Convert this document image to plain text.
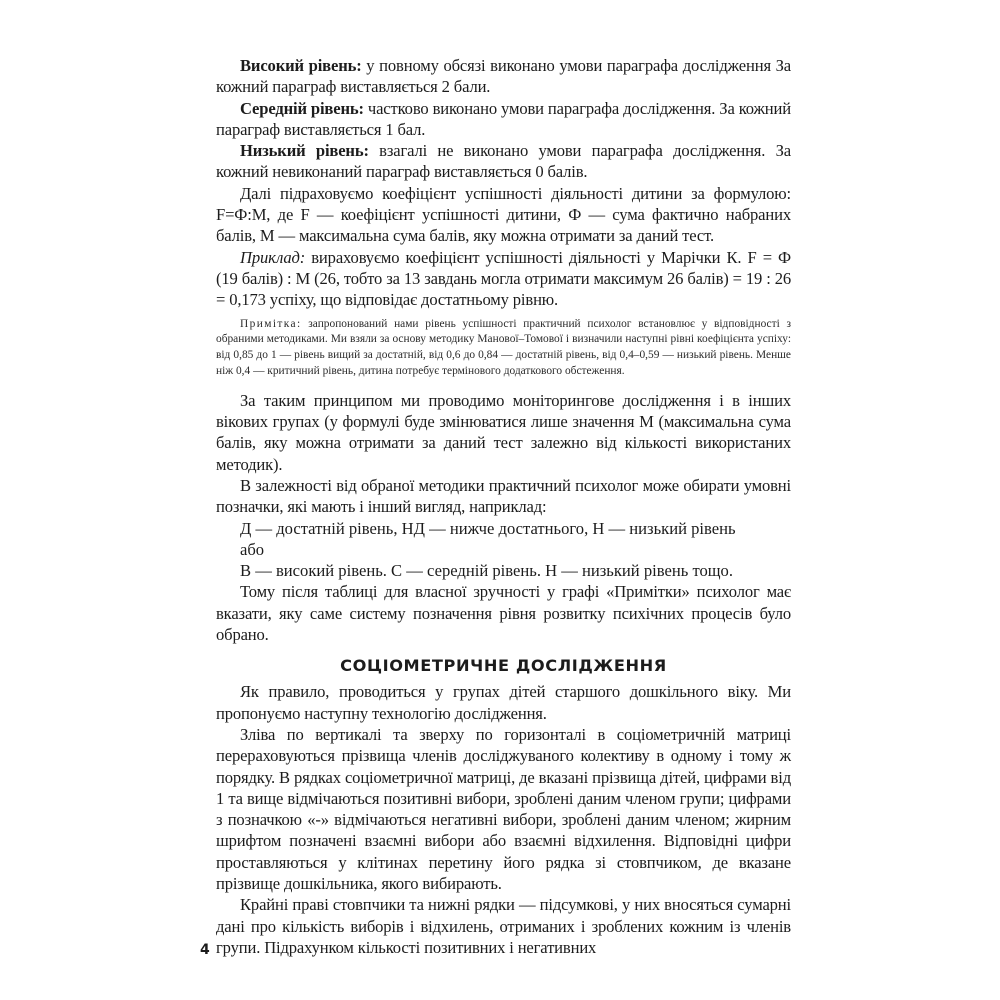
Високий рівень: у повному обсязі виконано умови параграфа дослідження За кожний параграф виставляється 2 бали.

Середній рівень: частково виконано умови параграфа дослідження. За кожний параграф виставляється 1 бал.

Низький рівень: взагалі не виконано умови параграфа дослідження. За кожний невиконаний параграф виставляється 0 балів.

Далі підраховуємо коефіцієнт успішності діяльності дитини за формулою: F=Ф:М, де F — коефіцієнт успішності дитини, Ф — сума фактично набраних балів, М — максимальна сума балів, яку можна отримати за даний тест.

Приклад: вираховуємо коефіцієнт успішності діяльності у Марічки К. F = Ф (19 балів) : М (26, тобто за 13 завдань могла отримати максимум 26 балів) = 19 : 26 = 0,173 успіху, що відповідає достатньому рівню.

Примітка: запропонований нами рівень успішності практичний психолог встановлює у відповідності з обраними методиками. Ми взяли за основу методику Манової–Томової і визначили наступні рівні коефіцієнта успіху: від 0,85 до 1 — рівень вищий за достатній, від 0,6 до 0,84 — достатній рівень, від 0,4–0,59 — низький рівень. Менше ніж 0,4 — критичний рівень, дитина потребує термінового додаткового обстеження.

За таким принципом ми проводимо моніторингове дослідження і в інших вікових групах (у формулі буде змінюватися лише значення М (максимальна сума балів, яку можна отримати за даний тест залежно від кількості використаних методик).

В залежності від обраної методики практичний психолог може обирати умовні позначки, які мають і інший вигляд, наприклад:

Д — достатній рівень, НД — нижче достатнього, Н — низький рівень

або

В — високий рівень. С — середній рівень. Н — низький рівень тощо.

Тому після таблиці для власної зручності у графі «Примітки» психолог має вказати, яку саме систему позначення рівня розвитку психічних процесів було обрано.

СОЦІОМЕТРИЧНЕ ДОСЛІДЖЕННЯ

Як правило, проводиться у групах дітей старшого дошкільного віку. Ми пропонуємо наступну технологію дослідження.

Зліва по вертикалі та зверху по горизонталі в соціометричній матриці перераховуються прізвища членів досліджуваного колективу в одному і тому ж порядку. В рядках соціометричної матриці, де вказані прізвища дітей, цифрами від 1 та вище відмічаються позитивні вибори, зроблені даним членом групи; цифрами з позначкою «-» відмічаються негативні вибори, зроблені даним членом; жирним шрифтом позначені взаємні вибори або взаємні відхилення. Відповідні цифри проставляються у клітинах перетину його рядка зі стовпчиком, де вказане прізвище дошкільника, якого вибирають.

Крайні праві стовпчики та нижні рядки — підсумкові, у них вносяться сумарні дані про кількість виборів і відхилень, отриманих і зроблених кожним із членів групи. Підрахунком кількості позитивних і негативних

4
